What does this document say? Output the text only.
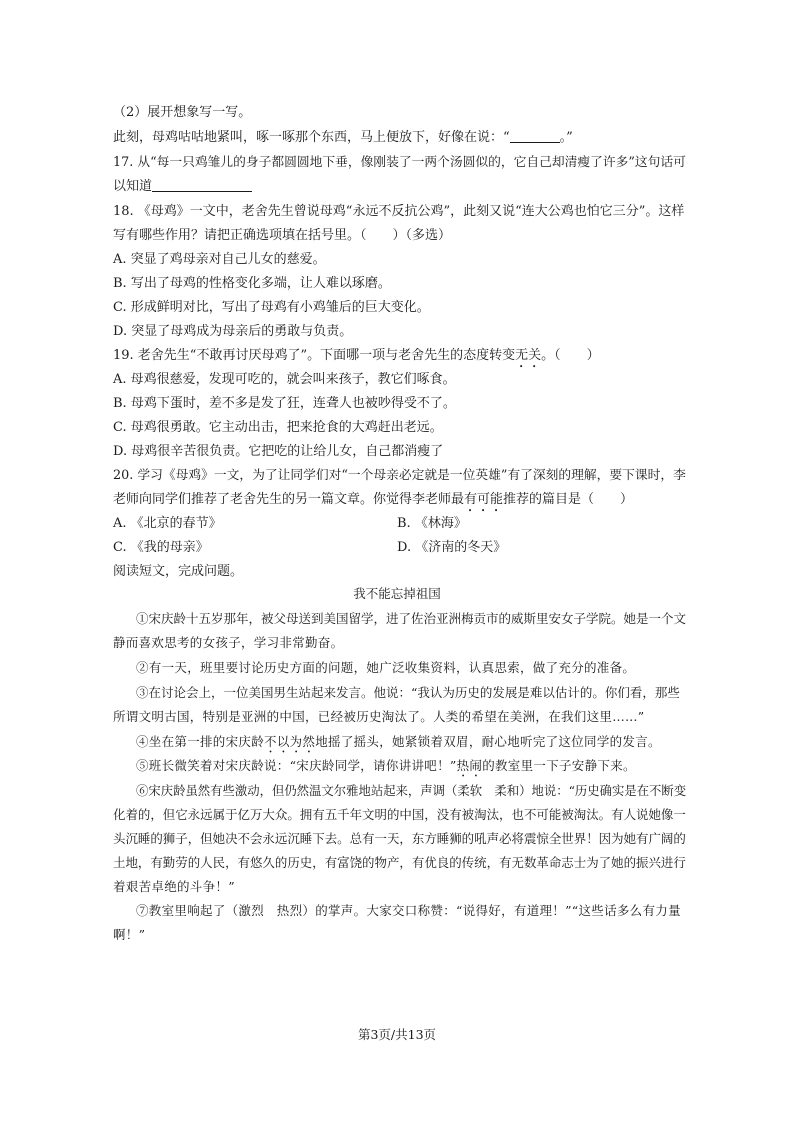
（2）展开想象写一写。
此刻，母鸡咕咕地紧叫，啄一啄那个东西，马上便放下，好像在说：“	。”
17. 从“每一只鸡雏儿的身子都圆圆地下垂，像刚装了一两个汤圆似的，它自己却清瘦了许多”这句话可
以知道
18. 《母鸡》一文中，老舍先生曾说母鸡“永远不反抗公鸡”，此刻又说“连大公鸡也怕它三分”。这样
写有哪些作用？请把正确选项填在括号里。（　　）（多选）
A. 突显了鸡母亲对自己儿女的慈爱。
B. 写出了母鸡的性格变化多端，让人难以琢磨。
C. 形成鲜明对比，写出了母鸡有小鸡雏后的巨大变化。
D. 突显了母鸡成为母亲后的勇敢与负责。
19. 老舍先生“不敢再讨厌母鸡了”。下面哪一项与老舍先生的态度转变无关。（　　）
A. 母鸡很慈爱，发现可吃的，就会叫来孩子，教它们啄食。
B. 母鸡下蛋时，差不多是发了狂，连聋人也被吵得受不了。
C. 母鸡很勇敢。它主动出击，把来抢食的大鸡赶出老远。
D. 母鸡很辛苦很负责。它把吃的让给儿女，自己都消瘦了
20. 学习《母鸡》一文，为了让同学们对“一个母亲必定就是一位英雄”有了深刻的理解，要下课时，李
老师向同学们推荐了老舍先生的另一篇文章。你觉得李老师最有可能推荐的篇目是（　　）
A. 《北京的春节》	B. 《林海》
C. 《我的母亲》	D. 《济南的冬天》
阅读短文，完成问题。
我不能忘掉祖国
①宋庆龄十五岁那年，被父母送到美国留学，进了佐治亚洲梅贡市的威斯里安女子学院。她是一个文
静而喜欢思考的女孩子，学习非常勤奋。
②有一天，班里要讨论历史方面的问题，她广泛收集资料，认真思索，做了充分的准备。
③在讨论会上，一位美国男生站起来发言。他说：“我认为历史的发展是难以估计的。你们看，那些
所谓文明古国，特别是亚洲的中国，已经被历史淘汰了。人类的希望在美洲，在我们这里……”
④坐在第一排的宋庆龄不以为然地摇了摇头，她紧锁着双眉，耐心地听完了这位同学的发言。
⑤班长微笑着对宋庆龄说：“宋庆龄同学，请你讲讲吧！”热闹的教室里一下子安静下来。
⑥宋庆龄虽然有些激动，但仍然温文尔雅地站起来，声调（柔软　柔和）地说：“历史确实是在不断变
化着的，但它永远属于亿万大众。拥有五千年文明的中国，没有被淘汰，也不可能被淘汰。有人说她像一
头沉睡的狮子，但她决不会永远沉睡下去。总有一天，东方睡狮的吼声必将震惊全世界！因为她有广阔的
土地，有勤劳的人民，有悠久的历史，有富饶的物产，有优良的传统，有无数革命志士为了她的振兴进行
着艰苦卓绝的斗争！”
⑦教室里响起了（激烈　热烈）的掌声。大家交口称赞：“说得好，有道理！”“这些话多么有力量
啊！”
第3页/共13页
